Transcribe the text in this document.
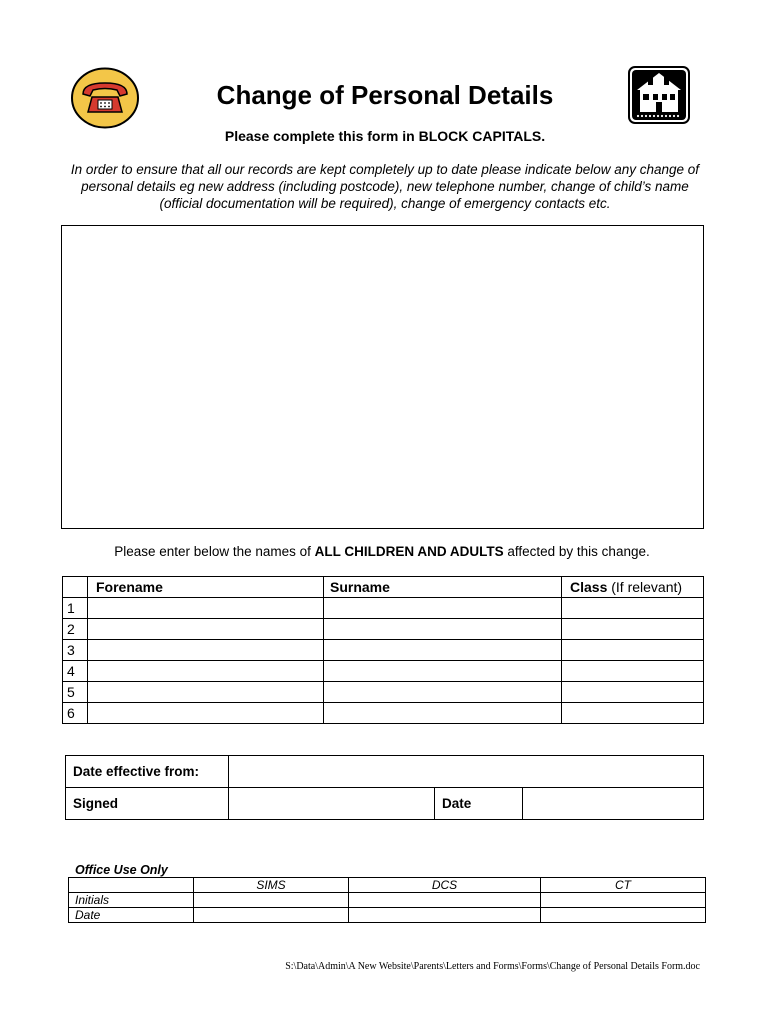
Change of Personal Details
Please complete this form in BLOCK CAPITALS.
In order to ensure that all our records are kept completely up to date please indicate below any change of personal details eg new address (including postcode), new telephone number, change of child’s name (official documentation will be required), change of emergency contacts etc.
Please enter below the names of ALL CHILDREN AND ADULTS affected by this change.
	Forename	Surname	Class (If relevant)
1			
2			
3			
4			
5			
6			
Date effective from:			
Signed		Date	
Office Use Only
	SIMS	DCS	CT
Initials			
Date			
S:\Data\Admin\A New Website\Parents\Letters and Forms\Forms\Change of Personal Details Form.doc
